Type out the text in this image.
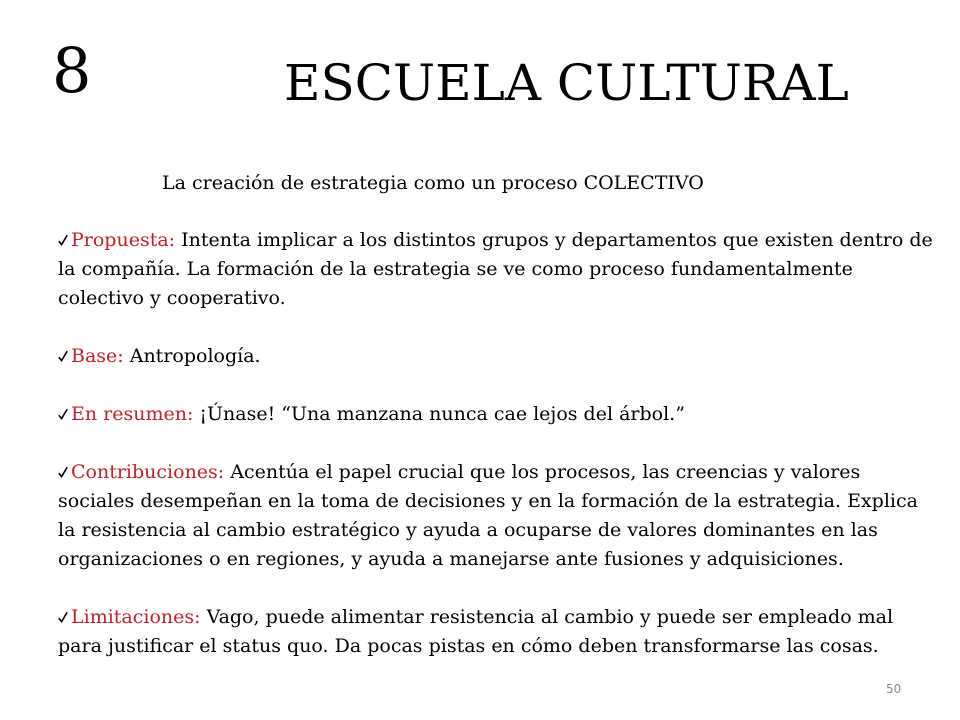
8	ESCUELA CULTURAL
La creación de estrategia como un proceso COLECTIVO
Propuesta: Intenta implicar a los distintos grupos y departamentos que existen dentro de la compañía. La formación de la estrategia se ve como proceso fundamentalmente colectivo y cooperativo.
Base: Antropología.
En resumen: ¡Únase! “Una manzana nunca cae lejos del árbol.”
Contribuciones: Acentúa el papel crucial que los procesos, las creencias y valores sociales desempeñan en la toma de decisiones y en la formación de la estrategia. Explica la resistencia al cambio estratégico y ayuda a ocuparse de valores dominantes en las organizaciones o en regiones, y ayuda a manejarse ante fusiones y adquisiciones.
Limitaciones: Vago, puede alimentar resistencia al cambio y puede ser empleado mal para justificar el status quo. Da pocas pistas en cómo deben transformarse las cosas.
50
